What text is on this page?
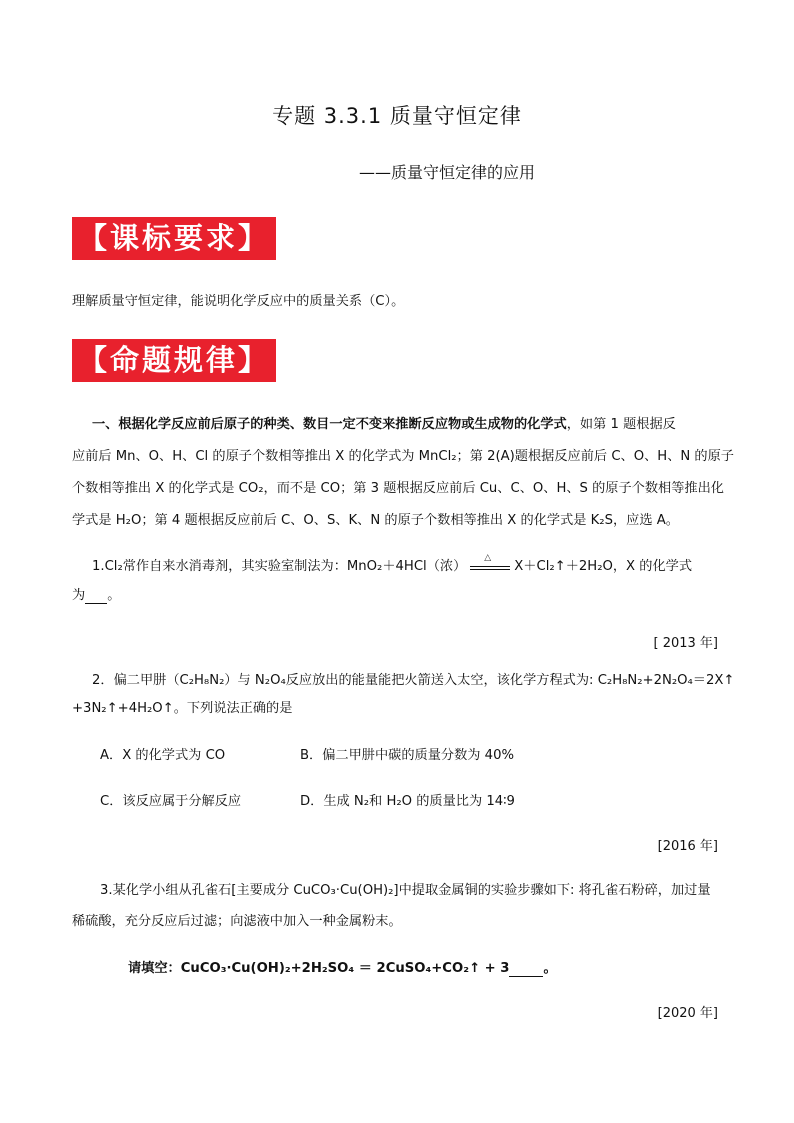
专题 3.3.1 质量守恒定律
——质量守恒定律的应用
【课标要求】
理解质量守恒定律，能说明化学反应中的质量关系（C）。
【命题规律】
一、根据化学反应前后原子的种类、数目一定不变来推断反应物或生成物的化学式，如第 1 题根据反
应前后 Mn、O、H、Cl 的原子个数相等推出 X 的化学式为 MnCl₂；第 2(A)题根据反应前后 C、O、H、N 的原子
个数相等推出 X 的化学式是 CO₂，而不是 CO；第 3 题根据反应前后 Cu、C、O、H、S 的原子个数相等推出化
学式是 H₂O；第 4 题根据反应前后 C、O、S、K、N 的原子个数相等推出 X 的化学式是 K₂S，应选 A。
1.Cl₂常作自来水消毒剂，其实验室制法为：MnO₂＋4HCl（浓）
△
X＋Cl₂↑＋2H₂O，X 的化学式
为 。
[ 2013 年]
2．偏二甲肼（C₂H₈N₂）与 N₂O₄反应放出的能量能把火箭送入太空，该化学方程式为: C₂H₈N₂+2N₂O₄＝2X↑
+3N₂↑+4H₂O↑。下列说法正确的是
A．X 的化学式为 CO	B．偏二甲肼中碳的质量分数为 40%
C．该反应属于分解反应	D．生成 N₂和 H₂O 的质量比为 14∶9
[2016 年]
3.某化学小组从孔雀石[主要成分 CuCO₃·Cu(OH)₂]中提取金属铜的实验步骤如下: 将孔雀石粉碎，加过量
稀硫酸，充分反应后过滤；向滤液中加入一种金属粉末。
请填空：CuCO₃·Cu(OH)₂+2H₂SO₄ ＝ 2CuSO₄+CO₂↑ + 3	。
[2020 年]
